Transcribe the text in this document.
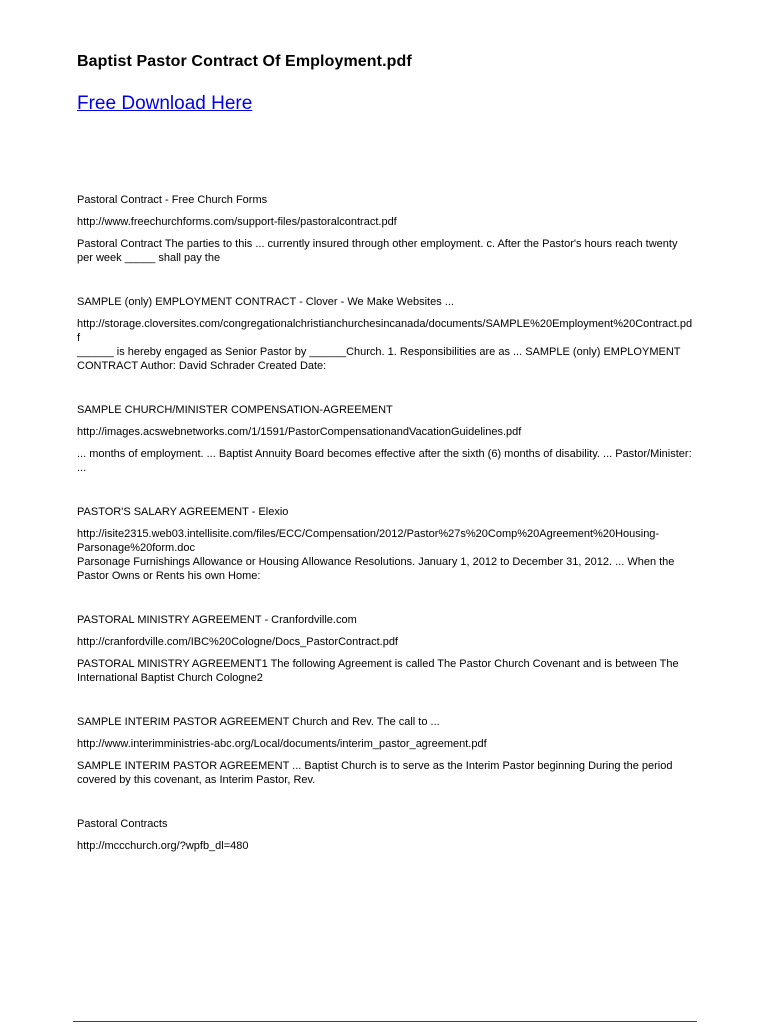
Baptist Pastor Contract Of Employment.pdf
Free Download Here

Pastoral Contract - Free Church Forms

http://www.freechurchforms.com/support-files/pastoralcontract.pdf

Pastoral Contract The parties to this ... currently insured through other employment. c. After the Pastor's hours reach twenty
per week _____ shall pay the

SAMPLE (only) EMPLOYMENT CONTRACT - Clover - We Make Websites ...

http://storage.cloversites.com/congregationalchristianchurchesincanada/documents/SAMPLE%20Employment%20Contract.pd
f

______ is hereby engaged as Senior Pastor by ______Church. 1. Responsibilities are as ... SAMPLE (only) EMPLOYMENT
CONTRACT Author: David Schrader Created Date:

SAMPLE CHURCH/MINISTER COMPENSATION-AGREEMENT

http://images.acswebnetworks.com/1/1591/PastorCompensationandVacationGuidelines.pdf

... months of employment. ... Baptist Annuity Board becomes effective after the sixth (6) months of disability. ... Pastor/Minister:
...

PASTOR'S SALARY AGREEMENT - Elexio

http://isite2315.web03.intellisite.com/files/ECC/Compensation/2012/Pastor%27s%20Comp%20Agreement%20Housing-
Parsonage%20form.doc

Parsonage Furnishings Allowance or Housing Allowance Resolutions. January 1, 2012 to December 31, 2012. ... When the
Pastor Owns or Rents his own Home:

PASTORAL MINISTRY AGREEMENT - Cranfordville.com

http://cranfordville.com/IBC%20Cologne/Docs_PastorContract.pdf

PASTORAL MINISTRY AGREEMENT1 The following Agreement is called The Pastor Church Covenant and is between The
International Baptist Church Cologne2

SAMPLE INTERIM PASTOR AGREEMENT Church and Rev. The call to ...

http://www.interimministries-abc.org/Local/documents/interim_pastor_agreement.pdf

SAMPLE INTERIM PASTOR AGREEMENT ... Baptist Church is to serve as the Interim Pastor beginning During the period
covered by this covenant, as Interim Pastor, Rev.

Pastoral Contracts

http://mccchurch.org/?wpfb_dl=480
